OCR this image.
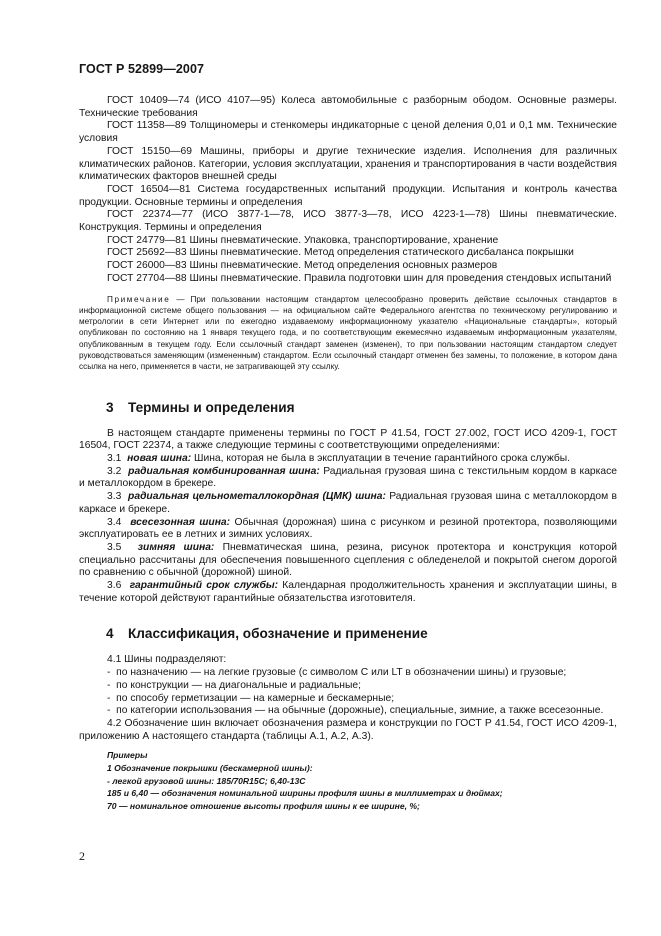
ГОСТ Р 52899—2007

ГОСТ 10409—74 (ИСО 4107—95) Колеса автомобильные с разборным ободом. Основные размеры. Технические требования

ГОСТ 11358—89 Толщиномеры и стенкомеры индикаторные с ценой деления 0,01 и 0,1 мм. Технические условия

ГОСТ 15150—69 Машины, приборы и другие технические изделия. Исполнения для различных климатических районов. Категории, условия эксплуатации, хранения и транспортирования в части воздействия климатических факторов внешней среды

ГОСТ 16504—81 Система государственных испытаний продукции. Испытания и контроль качества продукции. Основные термины и определения

ГОСТ 22374—77 (ИСО 3877-1—78, ИСО 3877-3—78, ИСО 4223-1—78) Шины пневматические. Конструкция. Термины и определения

ГОСТ 24779—81 Шины пневматические. Упаковка, транспортирование, хранение

ГОСТ 25692—83 Шины пневматические. Метод определения статического дисбаланса покрышки

ГОСТ 26000—83 Шины пневматические. Метод определения основных размеров

ГОСТ 27704—88 Шины пневматические. Правила подготовки шин для проведения стендовых испытаний

Примечание — При пользовании настоящим стандартом целесообразно проверить действие ссылочных стандартов в информационной системе общего пользования — на официальном сайте Федерального агентства по техническому регулированию и метрологии в сети Интернет или по ежегодно издаваемому информационному указателю «Национальные стандарты», который опубликован по состоянию на 1 января текущего года, и по соответствующим ежемесячно издаваемым информационным указателям, опубликованным в текущем году. Если ссылочный стандарт заменен (изменен), то при пользовании настоящим стандартом следует руководствоваться заменяющим (измененным) стандартом. Если ссылочный стандарт отменен без замены, то положение, в котором дана ссылка на него, применяется в части, не затрагивающей эту ссылку.

3 Термины и определения

В настоящем стандарте применены термины по ГОСТ Р 41.54, ГОСТ 27.002, ГОСТ ИСО 4209-1, ГОСТ 16504, ГОСТ 22374, а также следующие термины с соответствующими определениями:

3.1 новая шина: Шина, которая не была в эксплуатации в течение гарантийного срока службы.

3.2 радиальная комбинированная шина: Радиальная грузовая шина с текстильным кордом в каркасе и металлокордом в брекере.

3.3 радиальная цельнометаллокордная (ЦМК) шина: Радиальная грузовая шина с металлокордом в каркасе и брекере.

3.4 всесезонная шина: Обычная (дорожная) шина с рисунком и резиной протектора, позволяющими эксплуатировать ее в летних и зимних условиях.

3.5 зимняя шина: Пневматическая шина, резина, рисунок протектора и конструкция которой специально рассчитаны для обеспечения повышенного сцепления с обледенелой и покрытой снегом дорогой по сравнению с обычной (дорожной) шиной.

3.6 гарантийный срок службы: Календарная продолжительность хранения и эксплуатации шины, в течение которой действуют гарантийные обязательства изготовителя.

4 Классификация, обозначение и применение

4.1 Шины подразделяют:

-  по назначению — на легкие грузовые (с символом С или LT в обозначении шины) и грузовые;

-  по конструкции — на диагональные и радиальные;

-  по способу герметизации — на камерные и бескамерные;

-  по категории использования — на обычные (дорожные), специальные, зимние, а также всесезонные.

4.2 Обозначение шин включает обозначения размера и конструкции по ГОСТ Р 41.54, ГОСТ ИСО 4209-1, приложению А настоящего стандарта (таблицы А.1, А.2, А.3).

Примеры

1 Обозначение покрышки (бескамерной шины):

- легкой грузовой шины: 185/70R15C; 6,40-13C

185 и 6,40 — обозначения номинальной ширины профиля шины в миллиметрах и дюймах;

70 — номинальное отношение высоты профиля шины к ее ширине, %;

2
